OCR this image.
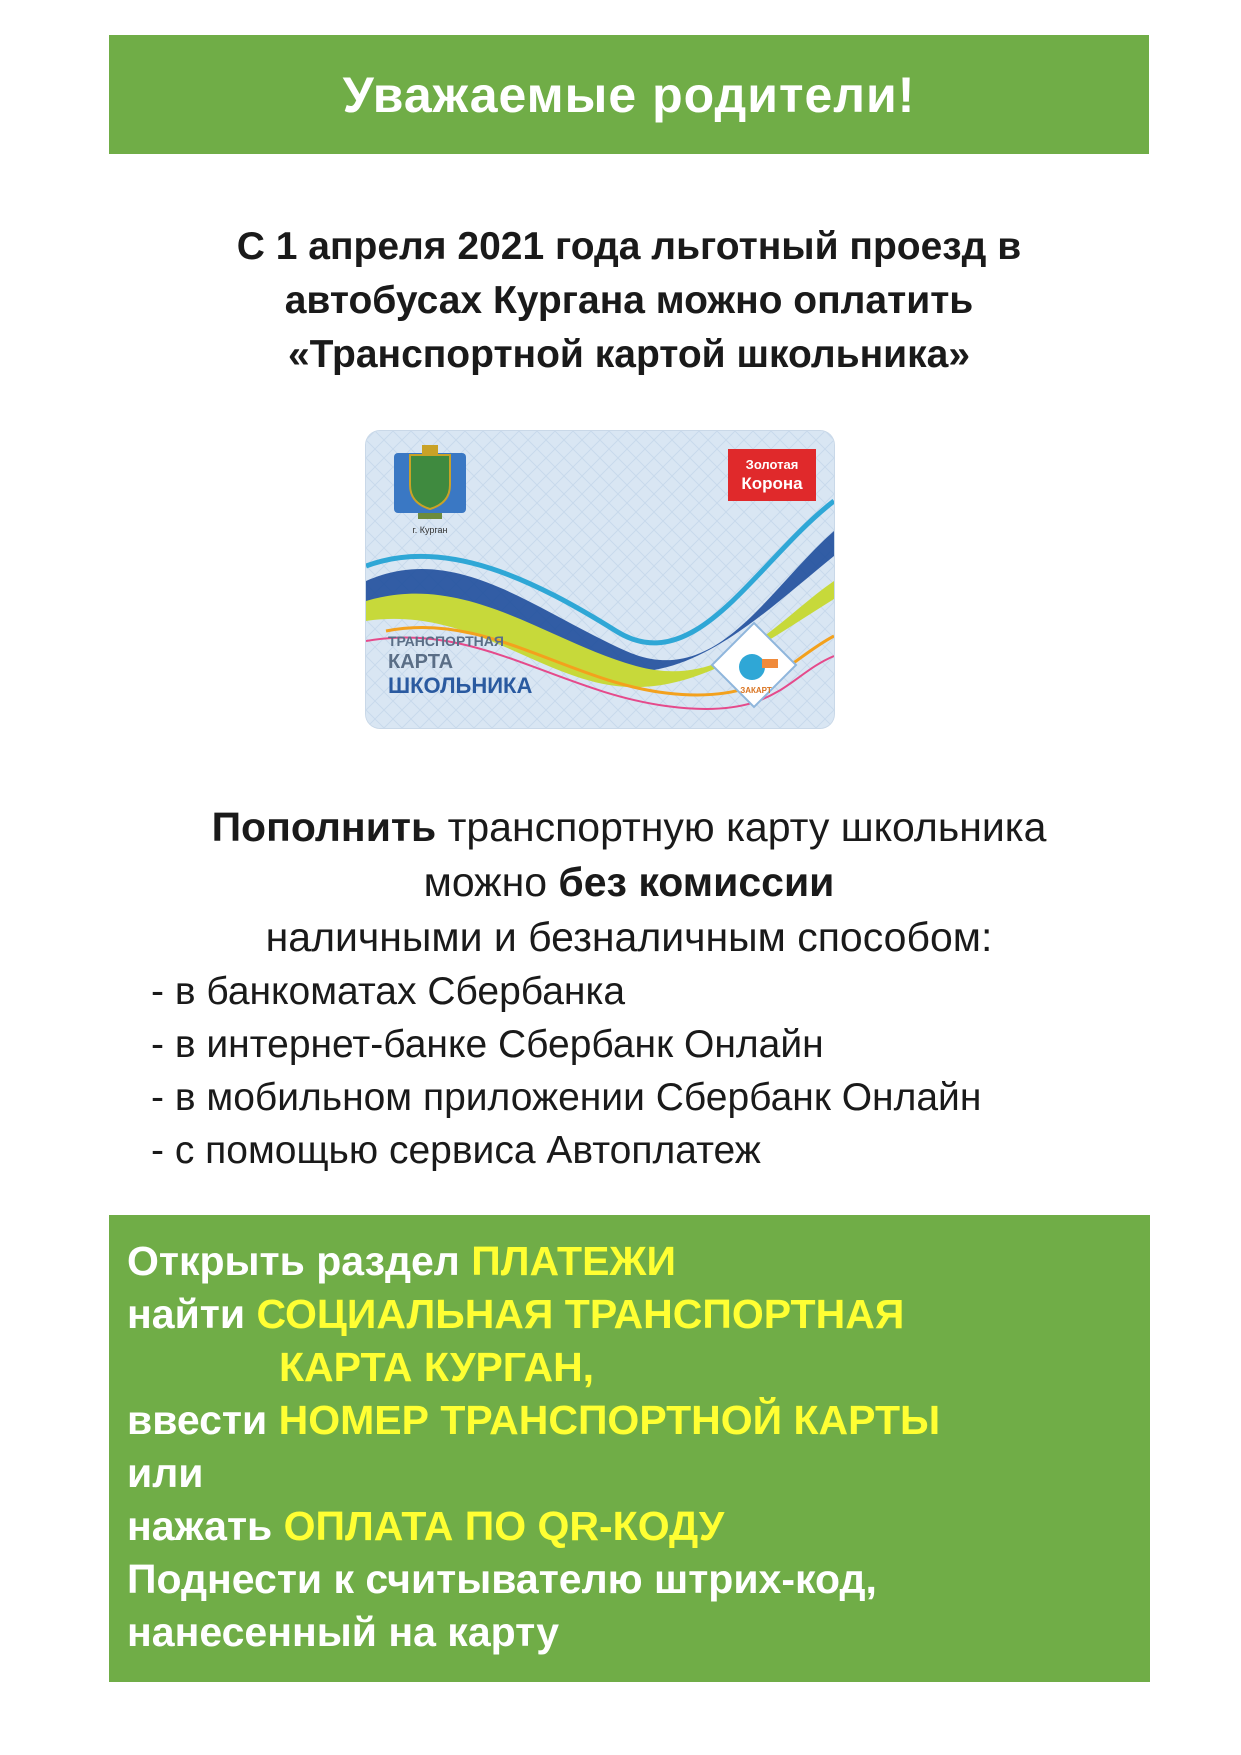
Уважаемые родители!
С 1 апреля 2021 года льготный проезд в
автобусах Кургана можно оплатить
«Транспортной картой школьника»
г. Курган
Золотая
Корона
ТРАНСПОРТНАЯ
КАРТА
ШКОЛЬНИКА	ЗАКАРТ
Пополнить транспортную карту школьника
можно без комиссии
наличными и безналичным способом:
- в банкоматах Сбербанка
- в интернет-банке Сбербанк Онлайн
- в мобильном приложении Сбербанк Онлайн
- с помощью сервиса Автоплатеж
Открыть раздел ПЛАТЕЖИ
найти СОЦИАЛЬНАЯ ТРАНСПОРТНАЯ
КАРТА КУРГАН,
ввести НОМЕР ТРАНСПОРТНОЙ КАРТЫ
или
нажать ОПЛАТА ПО QR-КОДУ
Поднести к считывателю штрих-код,
нанесенный на карту
